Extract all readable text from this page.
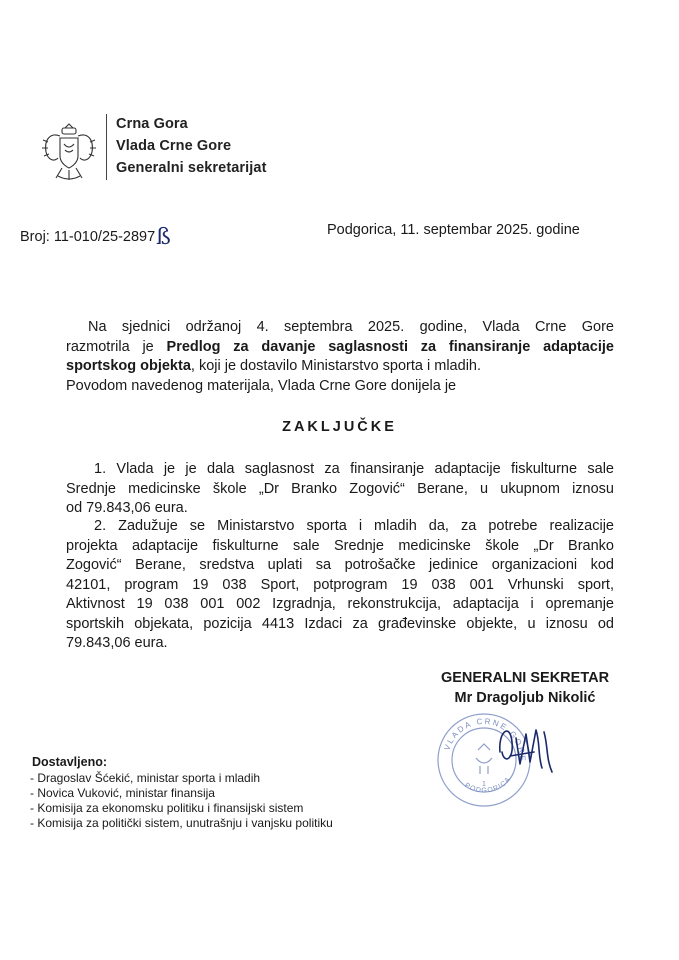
Crna Gora
Vlada Crne Gore
Generalni sekretarijat
Broj: 11-010/25-2897ß	Podgorica, 11. septembar 2025. godine
Na sjednici održanoj 4. septembra 2025. godine, Vlada Crne Gore
razmotrila je Predlog za davanje saglasnosti za finansiranje adaptacije
sportskog objekta, koji je dostavilo Ministarstvo sporta i mladih.
Povodom navedenog materijala, Vlada Crne Gore donijela je
ZAKLJUČKE
1. Vlada je je dala saglasnost za finansiranje adaptacije fiskulturne sale
Srednje medicinske škole „Dr Branko Zogović“ Berane, u ukupnom iznosu
od 79.843,06 eura.
2. Zadužuje se Ministarstvo sporta i mladih da, za potrebe realizacije
projekta adaptacije fiskulturne sale Srednje medicinske škole „Dr Branko
Zogović“ Berane, sredstva uplati sa potrošačke jedinice organizacioni kod
42101, program 19 038 Sport, potprogram 19 038 001 Vrhunski sport,
Aktivnost 19 038 001 002 Izgradnja, rekonstrukcija, adaptacija i opremanje
sportskih objekata, pozicija 4413 Izdaci za građevinske objekte, u iznosu od
79.843,06 eura.
GENERALNI SEKRETAR
Mr Dragoljub Nikolić
VLADA CRNE GORE
PODGORICA
1
Dostavljeno:
- Dragoslav Šćekić, ministar sporta i mladih
- Novica Vuković, ministar finansija
- Komisija za ekonomsku politiku i finansijski sistem
- Komisija za politički sistem, unutrašnju i vanjsku politiku
